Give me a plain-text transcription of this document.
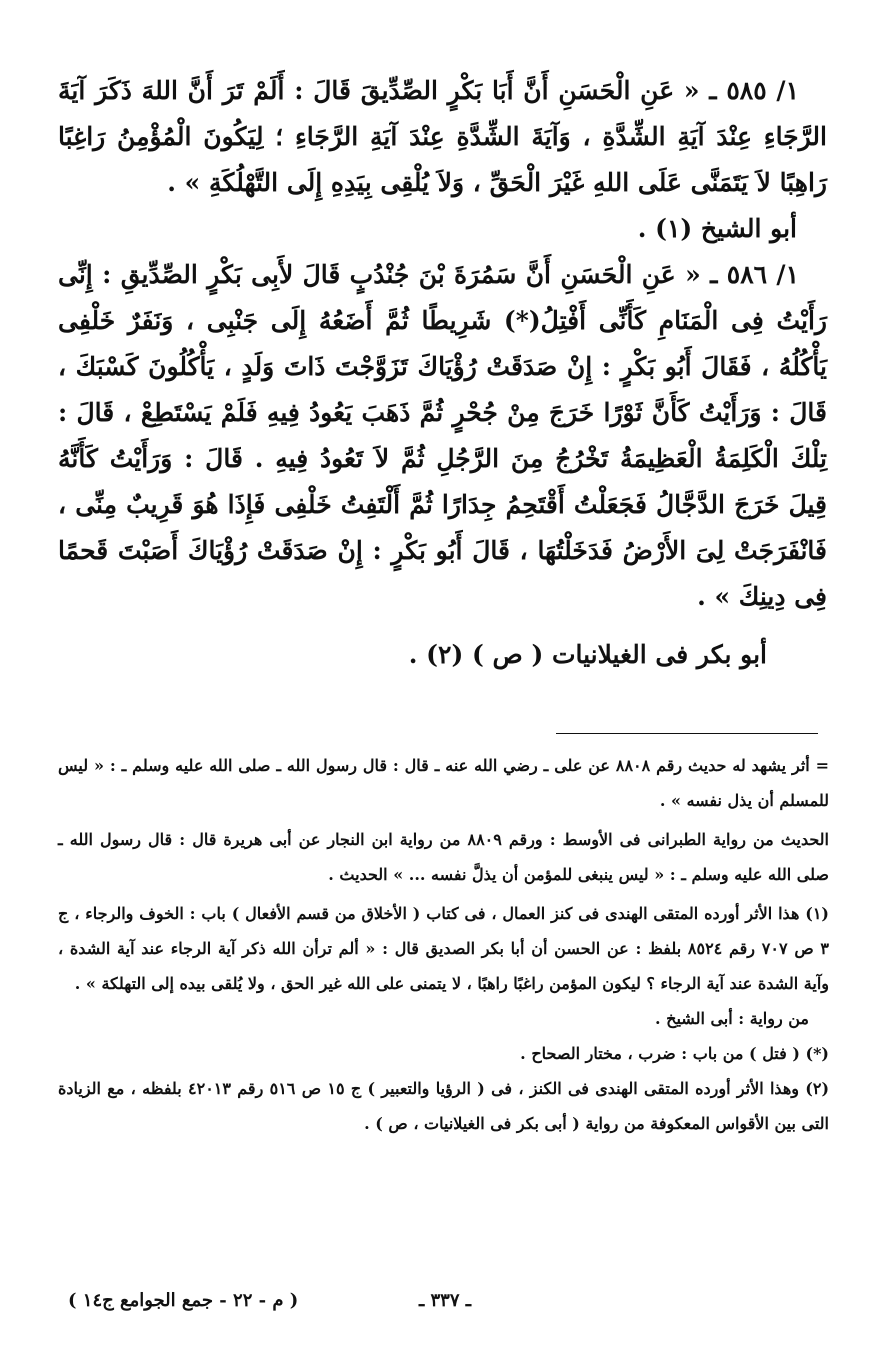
١/ ٥٨٥ ـ « عَنِ الْحَسَنِ أَنَّ أَبَا بَكْرٍ الصِّدِّيقَ قَالَ : أَلَمْ تَرَ أَنَّ اللهَ ذَكَرَ آيَةَ الرَّجَاءِ عِنْدَ آيَةِ الشِّدَّةِ ، وَآيَةَ الشِّدَّةِ عِنْدَ آيَةِ الرَّجَاءِ ؛ لِيَكُونَ الْمُؤْمِنُ رَاغِبًا رَاهِبًا لاَ يَتَمَنَّى عَلَى اللهِ غَيْرَ الْحَقِّ ، وَلاَ يُلْقِى بِيَدِهِ إِلَى التَّهْلُكَةِ » .

أبو الشيخ (١) .

١/ ٥٨٦ ـ « عَنِ الْحَسَنِ أَنَّ سَمُرَةَ بْنَ جُنْدُبٍ قَالَ لأَبِى بَكْرٍ الصِّدِّيقِ : إِنِّى رَأَيْتُ فِى الْمَنَامِ كَأَنِّى أَفْتِلُ(*) شَرِيطًا ثُمَّ أَضَعُهُ إِلَى جَنْبِى ، وَنَفَرٌ خَلْفِى يَأْكُلُهُ ، فَقَالَ أَبُو بَكْرٍ : إِنْ صَدَقَتْ رُؤْيَاكَ تَزَوَّجْتَ ذَاتَ وَلَدٍ ، يَأْكُلُونَ كَسْبَكَ ، قَالَ : وَرَأَيْتُ كَأَنَّ ثَوْرًا خَرَجَ مِنْ جُحْرٍ ثُمَّ ذَهَبَ يَعُودُ فِيهِ فَلَمْ يَسْتَطِعْ ، قَالَ : تِلْكَ الْكَلِمَةُ الْعَظِيمَةُ تَخْرُجُ مِنَ الرَّجُلِ ثُمَّ لاَ تَعُودُ فِيهِ . قَالَ : وَرَأَيْتُ كَأَنَّهُ قِيلَ خَرَجَ الدَّجَّالُ فَجَعَلْتُ أَقْتَحِمُ جِدَارًا ثُمَّ أَلْتَفِتُ خَلْفِى فَإِذَا هُوَ قَرِيبٌ مِنِّى ، فَانْفَرَجَتْ لِىَ الأَرْضُ فَدَخَلْتُهَا ، قَالَ أَبُو بَكْرٍ : إِنْ صَدَقَتْ رُؤْيَاكَ أَصَبْتَ قَحمًا فِى دِينِكَ » .

أبو بكر فى الغيلانيات ( ص ) (٢) .

= أثر يشهد له حديث رقم ٨٨٠٨ عن على ـ رضي الله عنه ـ قال : قال رسول الله ـ صلى الله عليه وسلم ـ : « ليس للمسلم أن يذل نفسه » .

الحديث من رواية الطبرانى فى الأوسط : ورقم ٨٨٠٩ من رواية ابن النجار عن أبى هريرة قال : قال رسول الله ـ صلى الله عليه وسلم ـ : « ليس ينبغى للمؤمن أن يذلَّ نفسه ... » الحديث .

(١) هذا الأثر أورده المتقى الهندى فى كنز العمال ، فى كتاب ( الأخلاق من قسم الأفعال ) باب : الخوف والرجاء ، ج ٣ ص ٧٠٧ رقم ٨٥٢٤ بلفظ : عن الحسن أن أبا بكر الصديق قال : « ألم ترأن الله ذكر آية الرجاء عند آية الشدة ، وآية الشدة عند آية الرجاء ؟ ليكون المؤمن راغبًا راهبًا ، لا يتمنى على الله غير الحق ، ولا يُلقى بيده إلى التهلكة » .

من رواية : أبى الشيخ .

(*) ( فتل ) من باب : ضرب ، مختار الصحاح .

(٢) وهذا الأثر أورده المتقى الهندى فى الكنز ، فى ( الرؤيا والتعبير ) ج ١٥ ص ٥١٦ رقم ٤٢٠١٣ بلفظه ، مع الزيادة التى بين الأقواس المعكوفة من رواية ( أبى بكر فى الغيلانيات ، ص ) .

ـ ٣٣٧ ـ
( م - ٢٢ - جمع الجوامع ج١٤ )
